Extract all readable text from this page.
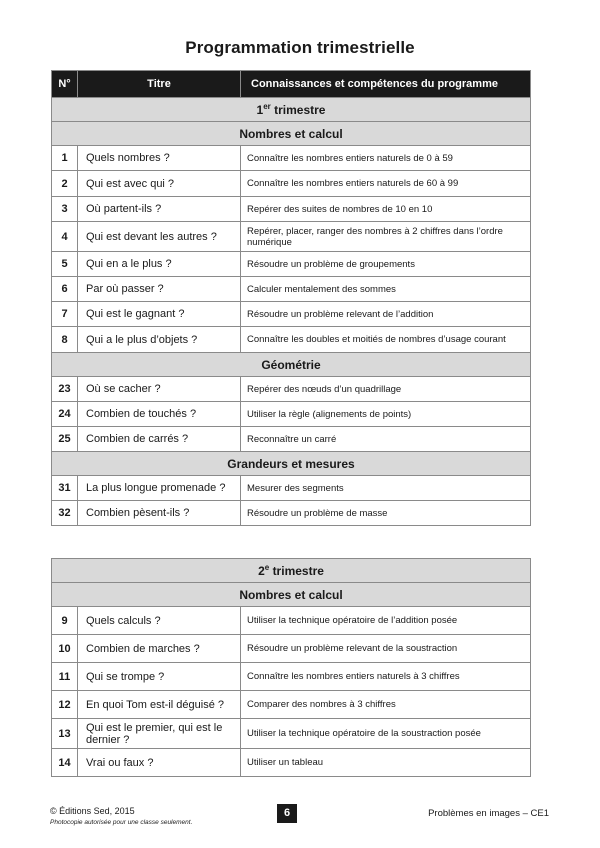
Programmation trimestrielle
N°	Titre	Connaissances et compétences du programme
1er trimestre		
Nombres et calcul		
1	Quels nombres ?	Connaître les nombres entiers naturels de 0 à 59
2	Qui est avec qui ?	Connaître les nombres entiers naturels de 60 à 99
3	Où partent-ils ?	Repérer des suites de nombres de 10 en 10
4	Qui est devant les autres ?	Repérer, placer, ranger des nombres à 2 chiffres dans l’ordre numérique
5	Qui en a le plus ?	Résoudre un problème de groupements
6	Par où passer ?	Calculer mentalement des sommes
7	Qui est le gagnant ?	Résoudre un problème relevant de l’addition
8	Qui a le plus d’objets ?	Connaître les doubles et moitiés de nombres d’usage courant
Géométrie		
23	Où se cacher ?	Repérer des nœuds d’un quadrillage
24	Combien de touchés ?	Utiliser la règle (alignements de points)
25	Combien de carrés ?	Reconnaître un carré
Grandeurs et mesures		
31	La plus longue promenade ?	Mesurer des segments
32	Combien pèsent-ils ?	Résoudre un problème de masse
2e trimestre		
Nombres et calcul		
9	Quels calculs ?	Utiliser la technique opératoire de l’addition posée
10	Combien de marches ?	Résoudre un problème relevant de la soustraction
11	Qui se trompe ?	Connaître les nombres entiers naturels à 3 chiffres
12	En quoi Tom est-il déguisé ?	Comparer des nombres à 3 chiffres
13	Qui est le premier, qui est le dernier ?	Utiliser la technique opératoire de la soustraction posée
14	Vrai ou faux ?	Utiliser un tableau
© Éditions Sed, 2015
Photocopie autorisée pour une classe seulement.
6	Problèmes en images – CE1
